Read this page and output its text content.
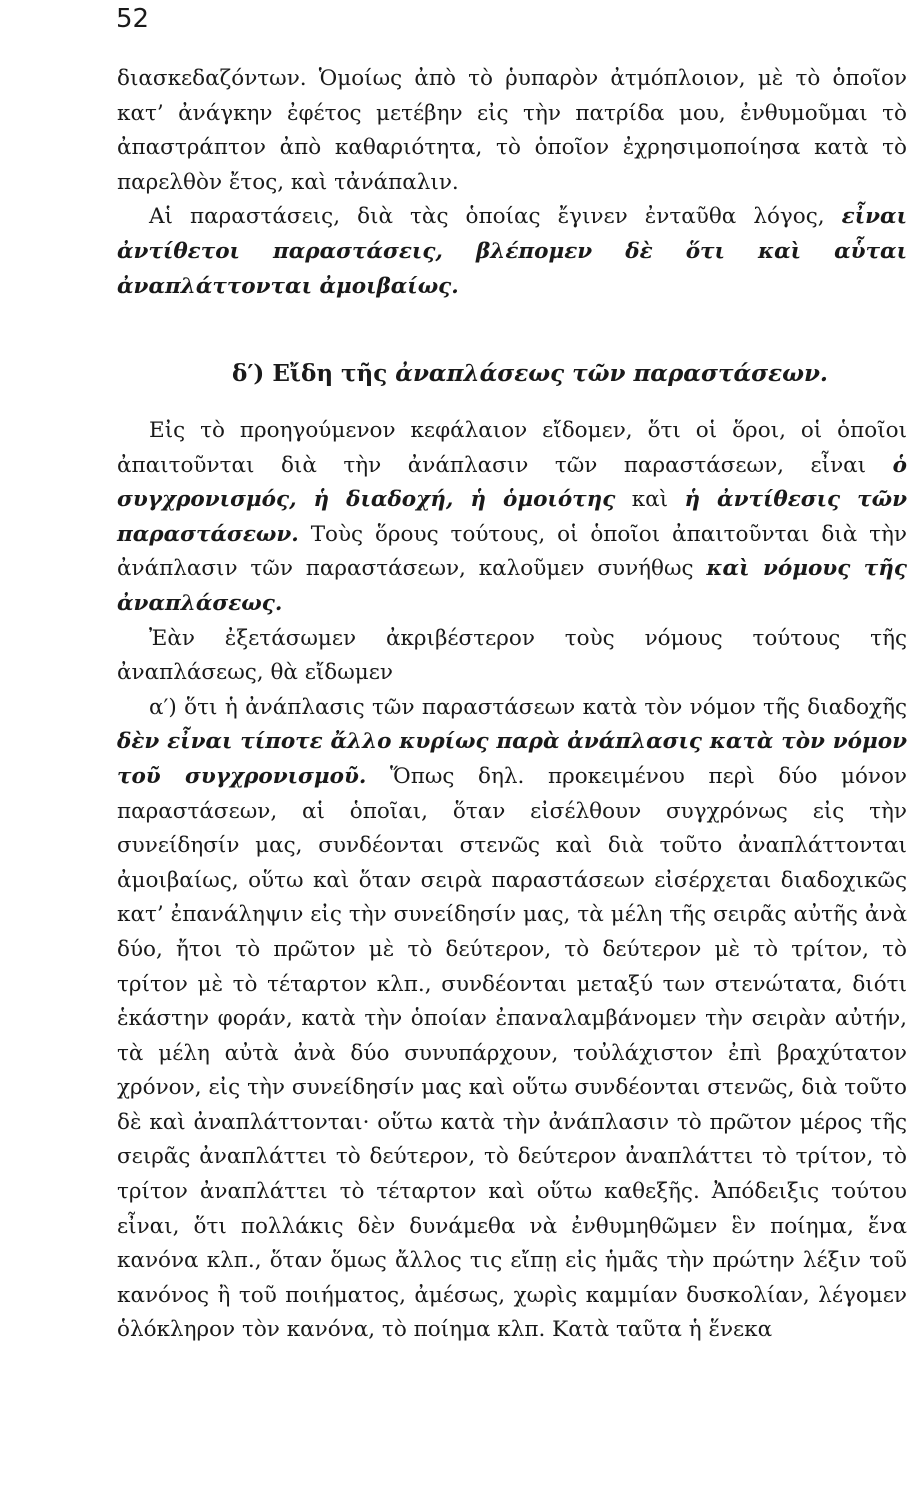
52

διασκεδαζόντων. Ὁμοίως ἀπὸ τὸ ῥυπαρὸν ἀτμόπλοιον, μὲ τὸ ὁποῖον κατ’ ἀνάγκην ἐφέτος μετέβην εἰς τὴν πατρίδα μου, ἐνθυμοῦμαι τὸ ἀπαστράπτον ἀπὸ καθαριότητα, τὸ ὁποῖον ἐχρησιμοποίησα κατὰ τὸ παρελθὸν ἔτος, καὶ τἀνάπαλιν.

Αἱ παραστάσεις, διὰ τὰς ὁποίας ἔγινεν ἐνταῦθα λόγος, εἶναι ἀντίθετοι παραστάσεις, βλέπομεν δὲ ὅτι καὶ αὗται ἀναπλάττονται ἀμοιβαίως.

δ′) Εἴδη τῆς ἀναπλάσεως τῶν παραστάσεων.

Εἰς τὸ προηγούμενον κεφάλαιον εἴδομεν, ὅτι οἱ ὅροι, οἱ ὁποῖοι ἀπαιτοῦνται διὰ τὴν ἀνάπλασιν τῶν παραστάσεων, εἶναι ὁ συγχρονισμός, ἡ διαδοχή, ἡ ὁμοιότης καὶ ἡ ἀντίθεσις τῶν παραστάσεων. Τοὺς ὅρους τούτους, οἱ ὁποῖοι ἀπαιτοῦνται διὰ τὴν ἀνάπλασιν τῶν παραστάσεων, καλοῦμεν συνήθως καὶ νόμους τῆς ἀναπλάσεως.

Ἐὰν ἐξετάσωμεν ἀκριβέστερον τοὺς νόμους τούτους τῆς ἀναπλάσεως, θὰ εἴδωμεν

α′) ὅτι ἡ ἀνάπλασις τῶν παραστάσεων κατὰ τὸν νόμον τῆς διαδοχῆς δὲν εἶναι τίποτε ἄλλο κυρίως παρὰ ἀνάπλασις κατὰ τὸν νόμον τοῦ συγχρονισμοῦ. Ὅπως δηλ. προκειμένου περὶ δύο μόνον παραστάσεων, αἱ ὁποῖαι, ὅταν εἰσέλθουν συγχρόνως εἰς τὴν συνείδησίν μας, συνδέονται στενῶς καὶ διὰ τοῦτο ἀναπλάττονται ἀμοιβαίως, οὕτω καὶ ὅταν σειρὰ παραστάσεων εἰσέρχεται διαδοχικῶς κατ’ ἐπανάληψιν εἰς τὴν συνείδησίν μας, τὰ μέλη τῆς σειρᾶς αὐτῆς ἀνὰ δύο, ἤτοι τὸ πρῶτον μὲ τὸ δεύτερον, τὸ δεύτερον μὲ τὸ τρίτον, τὸ τρίτον μὲ τὸ τέταρτον κλπ., συνδέονται μεταξύ των στενώτατα, διότι ἑκάστην φοράν, κατὰ τὴν ὁποίαν ἐπαναλαμβάνομεν τὴν σειρὰν αὐτήν, τὰ μέλη αὐτὰ ἀνὰ δύο συνυπάρχουν, τοὐλάχιστον ἐπὶ βραχύτατον χρόνον, εἰς τὴν συνείδησίν μας καὶ οὕτω συνδέονται στενῶς, διὰ τοῦτο δὲ καὶ ἀναπλάττονται· οὕτω κατὰ τὴν ἀνάπλασιν τὸ πρῶτον μέρος τῆς σειρᾶς ἀναπλάττει τὸ δεύτερον, τὸ δεύτερον ἀναπλάττει τὸ τρίτον, τὸ τρίτον ἀναπλάττει τὸ τέταρτον καὶ οὕτω καθεξῆς. Ἀπόδειξις τούτου εἶναι, ὅτι πολλάκις δὲν δυνάμεθα νὰ ἐνθυμηθῶμεν ἓν ποίημα, ἕνα κανόνα κλπ., ὅταν ὅμως ἄλλος τις εἴπῃ εἰς ἡμᾶς τὴν πρώτην λέξιν τοῦ κανόνος ἢ τοῦ ποιήματος, ἀμέσως, χωρὶς καμμίαν δυσκολίαν, λέγομεν ὁλόκληρον τὸν κανόνα, τὸ ποίημα κλπ. Κατὰ ταῦτα ἡ ἕνεκα
